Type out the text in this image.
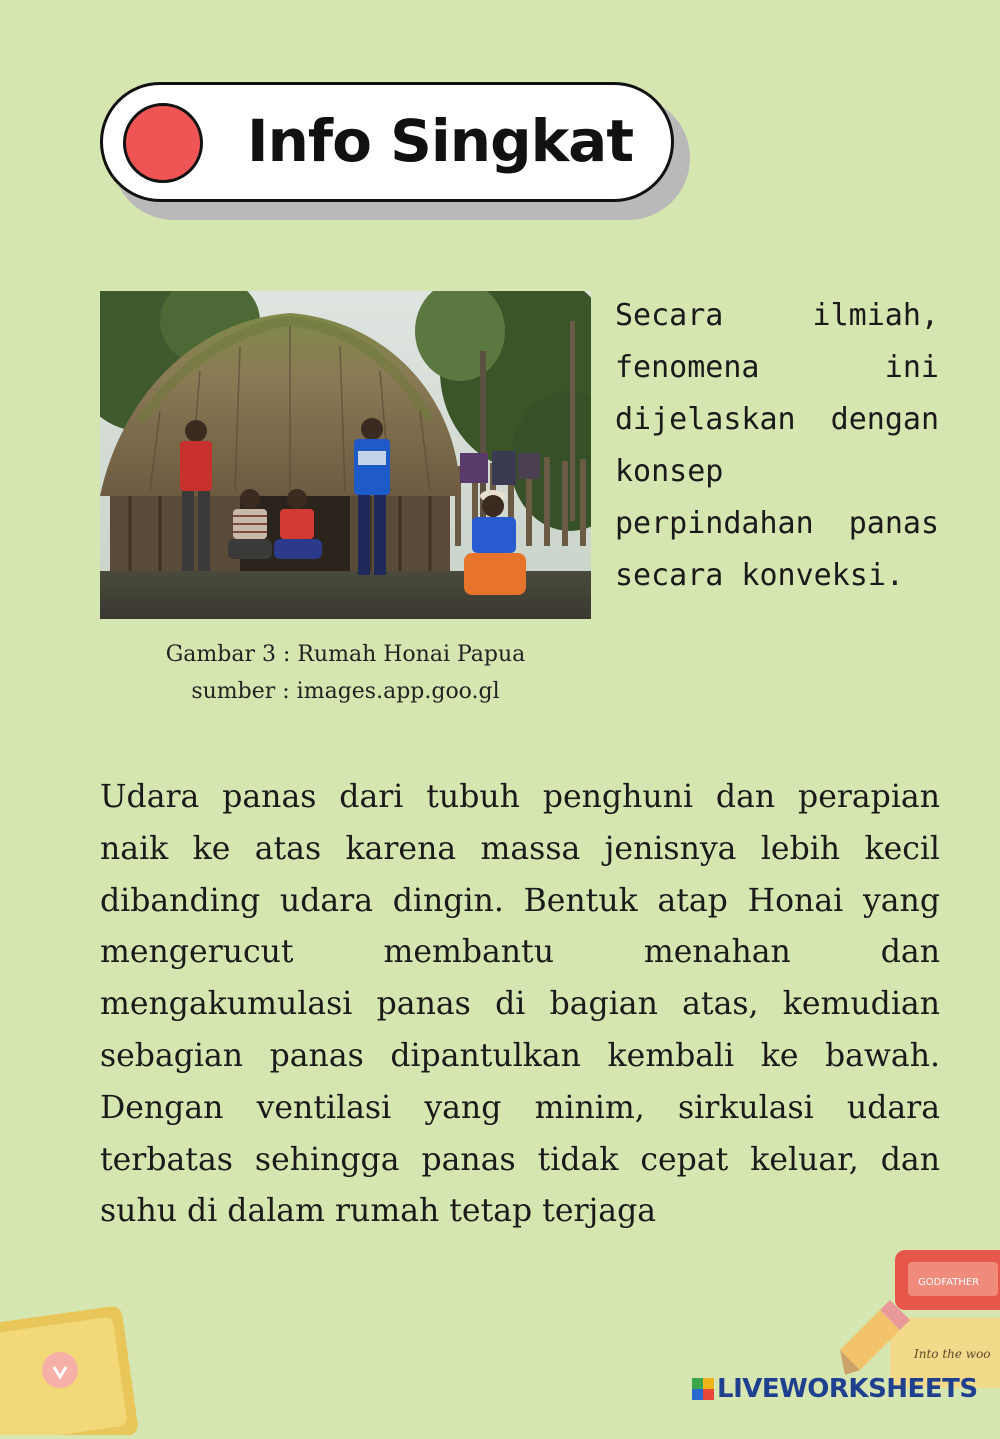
Info Singkat
Gambar 3 : Rumah Honai Papua
sumber : images.app.goo.gl
Secara ilmiah, fenomena ini dijelaskan dengan konsep perpindahan panas secara konveksi.
Udara panas dari tubuh penghuni dan perapian naik ke atas karena massa jenisnya lebih kecil dibanding udara dingin. Bentuk atap Honai yang mengerucut membantu menahan dan mengakumulasi panas di bagian atas, kemudian sebagian panas dipantulkan kembali ke bawah. Dengan ventilasi yang minim, sirkulasi udara terbatas sehingga panas tidak cepat keluar, dan suhu di dalam rumah tetap terjaga
GODFATHER
Into the woo
LIVEWORKSHEETS
